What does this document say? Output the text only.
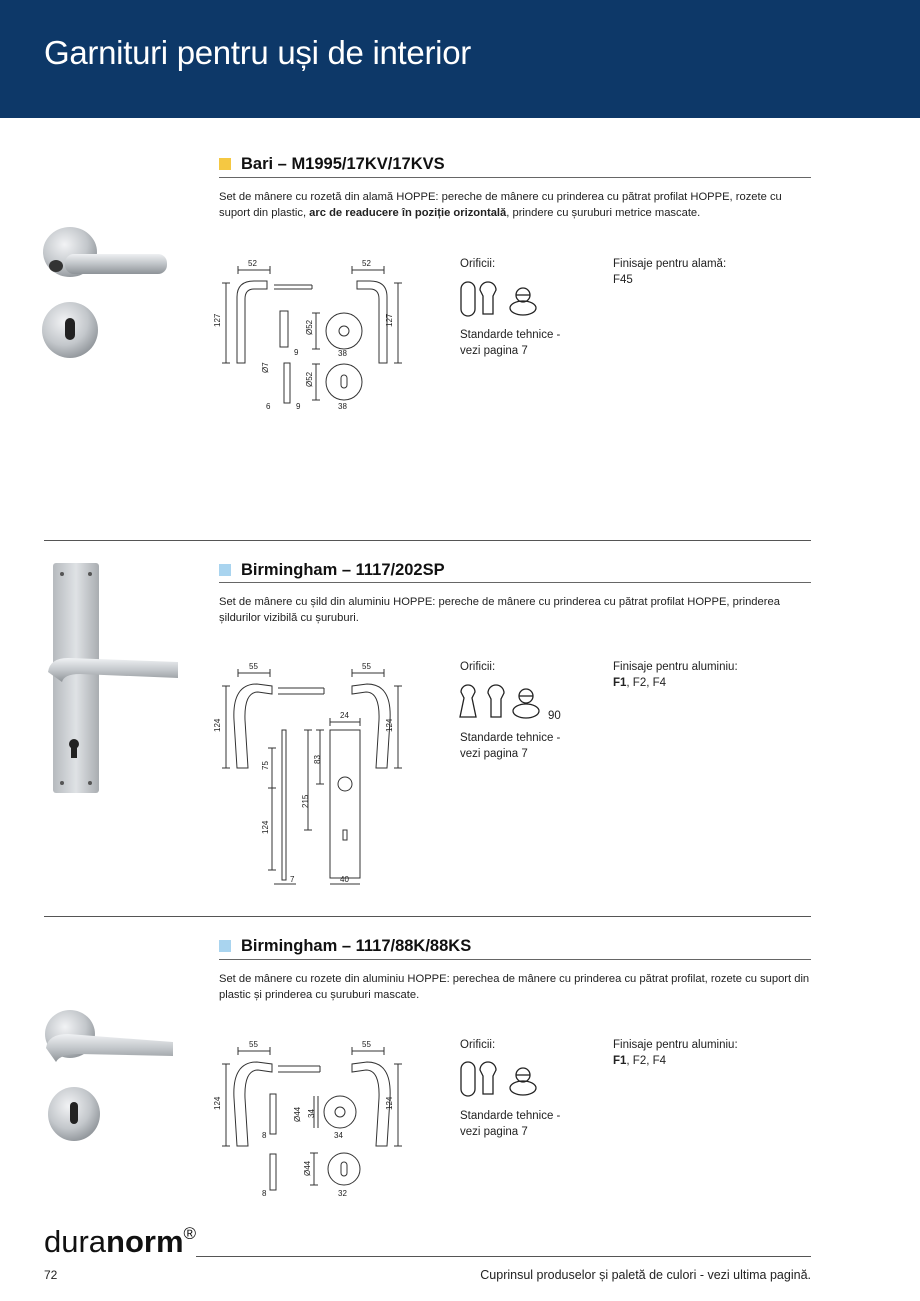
Garnituri pentru uși de interior
Bari – M1995/17KV/17KVS
Set de mânere cu rozetă din alamă HOPPE: pereche de mânere cu prinderea cu pătrat profilat HOPPE, rozete cu suport din plastic, arc de readucere în poziție orizontală, prindere cu șuruburi metrice mascate.
52	52
127	127
Ø52
9	38
Ø7
Ø52
6	9	38
Orificii:
Standarde tehnice -
vezi pagina 7
Finisaje pentru alamă:
F45
Birmingham – 1117/202SP
Set de mânere cu șild din aluminiu HOPPE: pereche de mânere cu prinderea cu pătrat profilat HOPPE, prinderea șildurilor vizibilă cu șuruburi.
55	55
124	124
24
83
75
215
124
7	40
Orificii:
90
Standarde tehnice -
vezi pagina 7
Finisaje pentru aluminiu:
F1, F2, F4
Birmingham – 1117/88K/88KS
Set de mânere cu rozete din aluminiu HOPPE: perechea de mânere cu prinderea cu pătrat profilat, rozete cu suport din plastic și prinderea cu șuruburi mascate.
55	55
124	124
Ø44 34
8	34
Ø44
8	32
Orificii:
Standarde tehnice -
vezi pagina 7
Finisaje pentru aluminiu:
F1, F2, F4
duranorm®
72	Cuprinsul produselor și paletă de culori - vezi ultima pagină.
